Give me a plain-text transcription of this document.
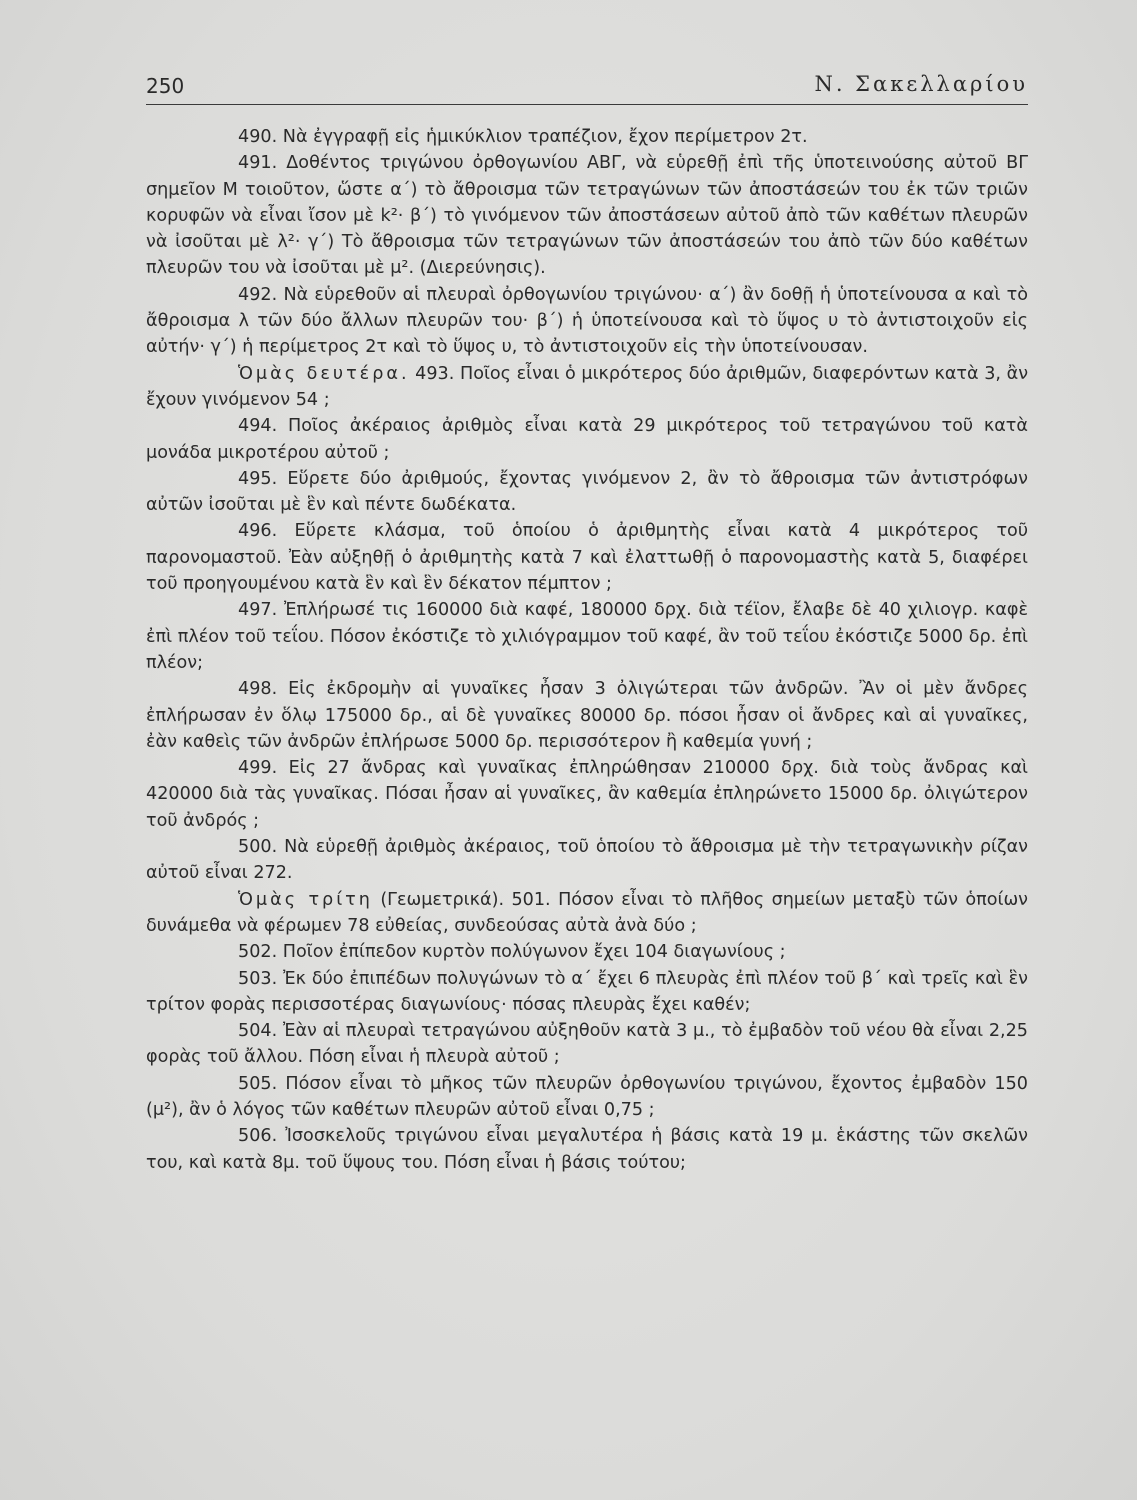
250	Ν. Σακελλαρίου

490. Νὰ ἐγγραφῇ εἰς ἡμικύκλιον τραπέζιον, ἔχον περίμετρον 2τ.

491. Δοθέντος τριγώνου ὀρθογωνίου ΑΒΓ, νὰ εὑρεθῇ ἐπὶ τῆς ὑποτεινούσης αὐτοῦ ΒΓ σημεῖον Μ τοιοῦτον, ὥστε α΄) τὸ ἄθροισμα τῶν τετραγώνων τῶν ἀποστάσεών του ἐκ τῶν τριῶν κορυφῶν νὰ εἶναι ἴσον μὲ k²· β΄) τὸ γινόμενον τῶν ἀποστάσεων αὐτοῦ ἀπὸ τῶν καθέτων πλευρῶν νὰ ἰσοῦται μὲ λ²· γ΄) Τὸ ἄθροισμα τῶν τετραγώνων τῶν ἀποστάσεών του ἀπὸ τῶν δύο καθέτων πλευρῶν του νὰ ἰσοῦται μὲ μ². (Διερεύνησις).

492. Νὰ εὑρεθοῦν αἱ πλευραὶ ὀρθογωνίου τριγώνου· α΄) ἂν δοθῇ ἡ ὑποτείνουσα α καὶ τὸ ἄθροισμα λ τῶν δύο ἄλλων πλευρῶν του· β΄) ἡ ὑποτείνουσα καὶ τὸ ὕψος υ τὸ ἀντιστοιχοῦν εἰς αὐτήν· γ΄) ἡ περίμετρος 2τ καὶ τὸ ὕψος υ, τὸ ἀντιστοιχοῦν εἰς τὴν ὑποτείνουσαν.

Ὁμὰς δευτέρα. 493. Ποῖος εἶναι ὁ μικρότερος δύο ἀριθμῶν, διαφερόντων κατὰ 3, ἂν ἔχουν γινόμενον 54 ;

494. Ποῖος ἀκέραιος ἀριθμὸς εἶναι κατὰ 29 μικρότερος τοῦ τετραγώνου τοῦ κατὰ μονάδα μικροτέρου αὐτοῦ ;

495. Εὕρετε δύο ἀριθμούς, ἔχοντας γινόμενον 2, ἂν τὸ ἄθροισμα τῶν ἀντιστρόφων αὐτῶν ἰσοῦται μὲ ἓν καὶ πέντε δωδέκατα.

496. Εὕρετε κλάσμα, τοῦ ὁποίου ὁ ἀριθμητὴς εἶναι κατὰ 4 μικρότερος τοῦ παρονομαστοῦ. Ἐὰν αὐξηθῇ ὁ ἀριθμητὴς κατὰ 7 καὶ ἐλαττωθῇ ὁ παρονομαστὴς κατὰ 5, διαφέρει τοῦ προηγουμένου κατὰ ἓν καὶ ἓν δέκατον πέμπτον ;

497. Ἐπλήρωσέ τις 160000 διὰ καφέ, 180000 δρχ. διὰ τέϊον, ἔλαβε δὲ 40 χιλιογρ. καφὲ ἐπὶ πλέον τοῦ τεΐου. Πόσον ἐκόστιζε τὸ χιλιόγραμμον τοῦ καφέ, ἂν τοῦ τεΐου ἐκόστιζε 5000 δρ. ἐπὶ πλέον;

498. Εἰς ἐκδρομὴν αἱ γυναῖκες ἦσαν 3 ὀλιγώτεραι τῶν ἀνδρῶν. Ἂν οἱ μὲν ἄνδρες ἐπλήρωσαν ἐν ὅλῳ 175000 δρ., αἱ δὲ γυναῖκες 80000 δρ. πόσοι ἦσαν οἱ ἄνδρες καὶ αἱ γυναῖκες, ἐὰν καθεὶς τῶν ἀνδρῶν ἐπλήρωσε 5000 δρ. περισσότερον ἢ καθεμία γυνή ;

499. Εἰς 27 ἄνδρας καὶ γυναῖκας ἐπληρώθησαν 210000 δρχ. διὰ τοὺς ἄνδρας καὶ 420000 διὰ τὰς γυναῖκας. Πόσαι ἦσαν αἱ γυναῖκες, ἂν καθεμία ἐπληρώνετο 15000 δρ. ὀλιγώτερον τοῦ ἀνδρός ;

500. Νὰ εὑρεθῇ ἀριθμὸς ἀκέραιος, τοῦ ὁποίου τὸ ἄθροισμα μὲ τὴν τετραγωνικὴν ρίζαν αὐτοῦ εἶναι 272.

Ὁμὰς τρίτη (Γεωμετρικά). 501. Πόσον εἶναι τὸ πλῆθος σημείων μεταξὺ τῶν ὁποίων δυνάμεθα νὰ φέρωμεν 78 εὐθείας, συνδεούσας αὐτὰ ἀνὰ δύο ;

502. Ποῖον ἐπίπεδον κυρτὸν πολύγωνον ἔχει 104 διαγωνίους ;

503. Ἐκ δύο ἐπιπέδων πολυγώνων τὸ α΄ ἔχει 6 πλευρὰς ἐπὶ πλέον τοῦ β΄ καὶ τρεῖς καὶ ἓν τρίτον φορὰς περισσοτέρας διαγωνίους· πόσας πλευρὰς ἔχει καθέν;

504. Ἐὰν αἱ πλευραὶ τετραγώνου αὐξηθοῦν κατὰ 3 μ., τὸ ἐμβαδὸν τοῦ νέου θὰ εἶναι 2,25 φορὰς τοῦ ἄλλου. Πόση εἶναι ἡ πλευρὰ αὐτοῦ ;

505. Πόσον εἶναι τὸ μῆκος τῶν πλευρῶν ὀρθογωνίου τριγώνου, ἔχοντος ἐμβαδὸν 150 (μ²), ἂν ὁ λόγος τῶν καθέτων πλευρῶν αὐτοῦ εἶναι 0,75 ;

506. Ἰσοσκελοῦς τριγώνου εἶναι μεγαλυτέρα ἡ βάσις κατὰ 19 μ. ἑκάστης τῶν σκελῶν του, καὶ κατὰ 8μ. τοῦ ὕψους του. Πόση εἶναι ἡ βάσις τούτου;
